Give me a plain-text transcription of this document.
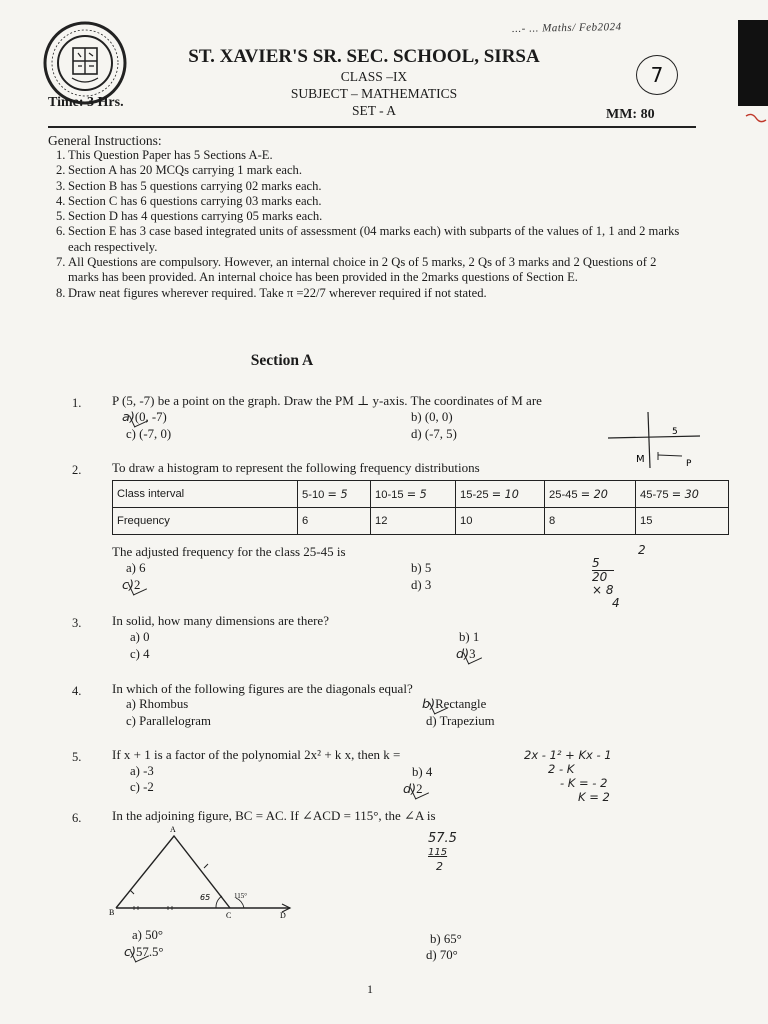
...- ... Maths/ Feb2024
ST. XAVIER'S SR. SEC. SCHOOL, SIRSA
CLASS –IX
SUBJECT – MATHEMATICS
SET - A
Time: 3 Hrs.
MM: 80
7
General Instructions:
1. This Question Paper has 5 Sections A-E.
2. Section A has 20 MCQs carrying 1 mark each.
3. Section B has 5 questions carrying 02 marks each.
4. Section C has 6 questions carrying 03 marks each.
5. Section D has 4 questions carrying 05 marks each.
6. Section E has 3 case based integrated units of assessment (04 marks each) with subparts of the values of 1, 1 and 2 marks each respectively.
7. All Questions are compulsory. However, an internal choice in 2 Qs of 5 marks, 2 Qs of 3 marks and 2 Questions of 2 marks has been provided. An internal choice has been provided in the 2marks questions of Section E.
8. Draw neat figures wherever required. Take π =22/7 wherever required if not stated.
Section A
1. P (5, -7) be a point on the graph. Draw the PM ⊥ y-axis. The coordinates of M are
a)(0, -7)	b) (0, 0)
c) (-7, 0)	d) (-7, 5)	5
M	P
2. To draw a histogram to represent the following frequency distributions
Class interval	5-10 = 5	10-15 = 5	15-25 = 10	25-45 = 20	45-75 = 30
Frequency	6	12	10	8	15
The adjusted frequency for the class 25-45 is
a) 6	b) 5
c)2	d) 3
2
5
20 × 8
4
3. In solid, how many dimensions are there?
a) 0	b) 1
c) 4	d)3
4. In which of the following figures are the diagonals equal?
a) Rhombus	b)Rectangle
c) Parallelogram	d) Trapezium
5. If x + 1 is a factor of the polynomial 2x² + k x, then k =
a) -3	b) 4
c) -2	d)2
2x - 1² + Kx - 1
2 - K
- K = - 2
K = 2
6. In the adjoining figure, BC = AC. If ∠ACD = 115°, the ∠A is
57.5
115
2
A
B	C	D
115°
65
a) 50°	b) 65°
c)57.5°	d) 70°
1
